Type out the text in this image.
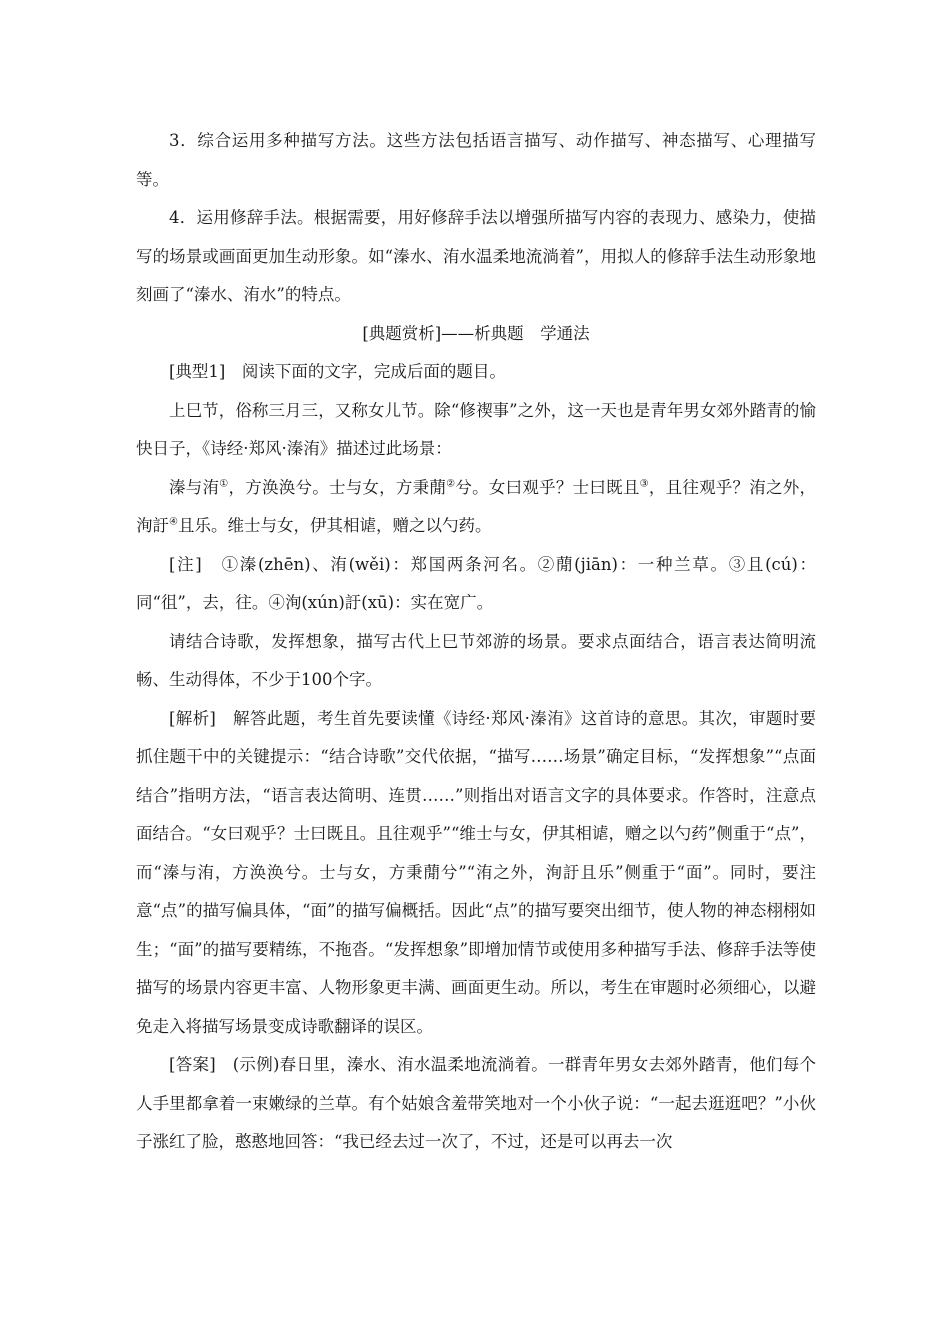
3．综合运用多种描写方法。这些方法包括语言描写、动作描写、神态描写、心理描写等。

4．运用修辞手法。根据需要，用好修辞手法以增强所描写内容的表现力、感染力，使描写的场景或画面更加生动形象。如“溱水、洧水温柔地流淌着”，用拟人的修辞手法生动形象地刻画了“溱水、洧水”的特点。

[典题赏析]——析典题　学通法

[典型1]　阅读下面的文字，完成后面的题目。

上巳节，俗称三月三，又称女儿节。除“修禊事”之外，这一天也是青年男女郊外踏青的愉快日子，《诗经·郑风·溱洧》描述过此场景：

溱与洧①，方涣涣兮。士与女，方秉蕑②兮。女曰观乎？士曰既且③，且往观乎？洧之外，洵訏④且乐。维士与女，伊其相谑，赠之以勺药。

[注]　①溱(zhēn)、洧(wěi)：郑国两条河名。②蕑(jiān)：一种兰草。③且(cú)：同“徂”，去，往。④洵(xún)訏(xū)：实在宽广。

请结合诗歌，发挥想象，描写古代上巳节郊游的场景。要求点面结合，语言表达简明流畅、生动得体，不少于100个字。

[解析]　解答此题，考生首先要读懂《诗经·郑风·溱洧》这首诗的意思。其次，审题时要抓住题干中的关键提示：“结合诗歌”交代依据，“描写……场景”确定目标，“发挥想象”“点面结合”指明方法，“语言表达简明、连贯……”则指出对语言文字的具体要求。作答时，注意点面结合。“女曰观乎？士曰既且。且往观乎”“维士与女，伊其相谑，赠之以勺药”侧重于“点”，而“溱与洧，方涣涣兮。士与女，方秉蕑兮”“洧之外，洵訏且乐”侧重于“面”。同时，要注意“点”的描写偏具体，“面”的描写偏概括。因此“点”的描写要突出细节，使人物的神态栩栩如生；“面”的描写要精练，不拖沓。“发挥想象”即增加情节或使用多种描写手法、修辞手法等使描写的场景内容更丰富、人物形象更丰满、画面更生动。所以，考生在审题时必须细心，以避免走入将描写场景变成诗歌翻译的误区。

[答案]　(示例)春日里，溱水、洧水温柔地流淌着。一群青年男女去郊外踏青，他们每个人手里都拿着一束嫩绿的兰草。有个姑娘含羞带笑地对一个小伙子说：“一起去逛逛吧？”小伙子涨红了脸，憨憨地回答：“我已经去过一次了，不过，还是可以再去一次
